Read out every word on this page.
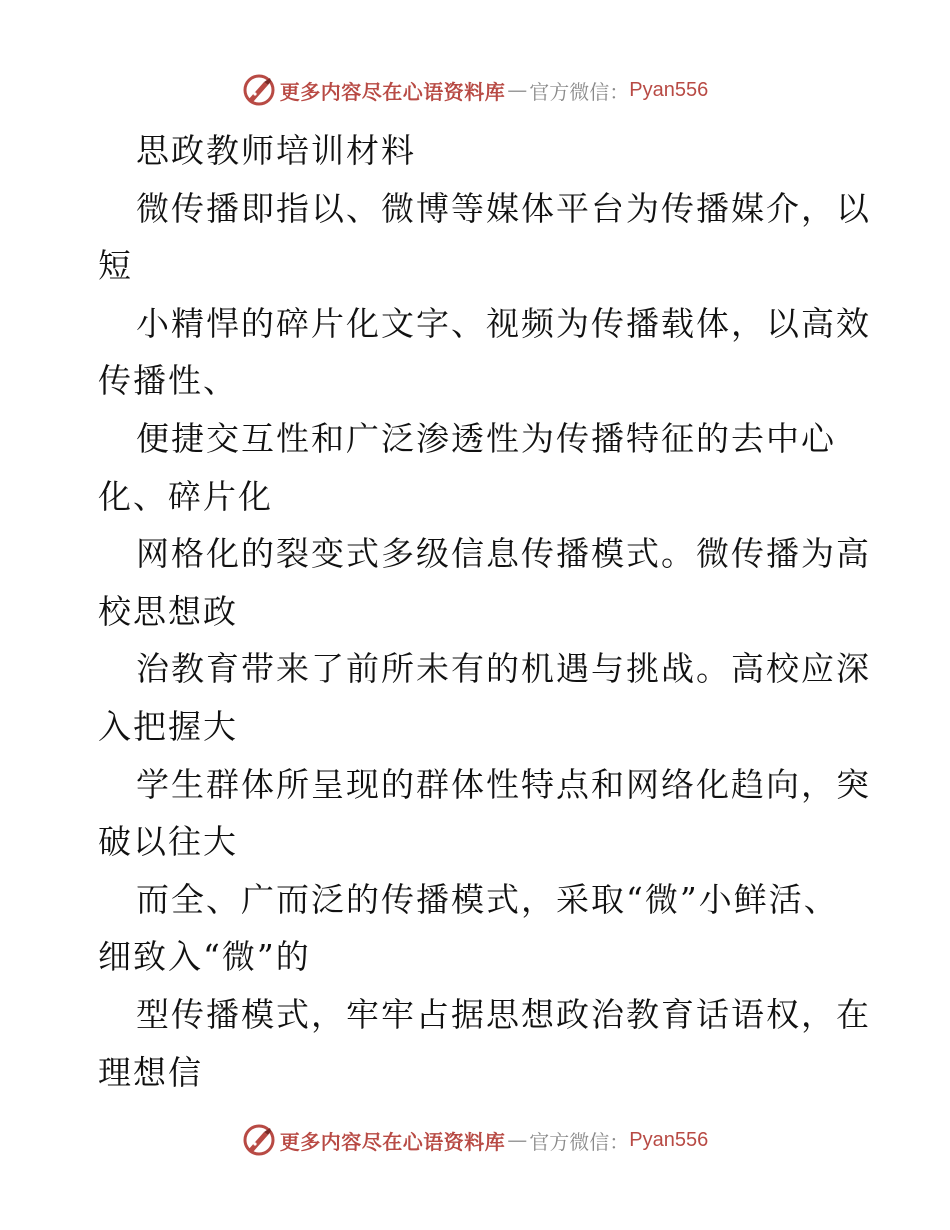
更多内容尽在心语资料库 — 官方微信： Pyan556
思政教师培训材料
微传播即指以、微博等媒体平台为传播媒介，以
短
小精悍的碎片化文字、视频为传播载体，以高效
传播性、
便捷交互性和广泛渗透性为传播特征的去中心
化、碎片化
网格化的裂变式多级信息传播模式。微传播为高
校思想政
治教育带来了前所未有的机遇与挑战。高校应深
入把握大
学生群体所呈现的群体性特点和网络化趋向，突
破以往大
而全、广而泛的传播模式，采取“微”小鲜活、
细致入“微”的
型传播模式，牢牢占据思想政治教育话语权，在
理想信
更多内容尽在心语资料库 — 官方微信： Pyan556
